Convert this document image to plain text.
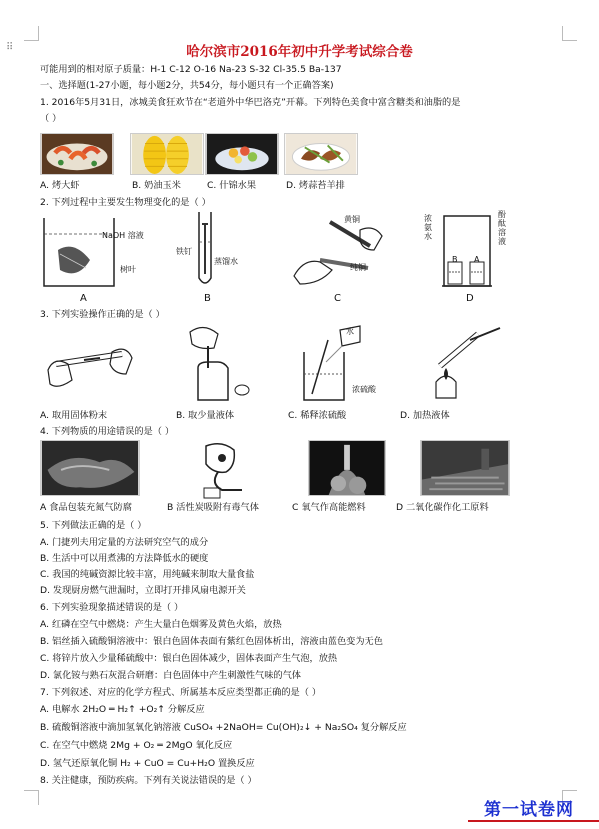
⠿	哈尔滨市2016年初中升学考试综合卷
可能用到的相对原子质量：H-1 C-12 O-16 Na-23 S-32 Cl-35.5 Ba-137
一、选择题(1-27小题，每小题2分，共54分，每小题只有一个正确答案)
1. 2016年5月31日，冰城美食狂欢节在“老道外中华巴洛克”开幕。下列特色美食中富含糖类和油脂的是
（ ）
A. 烤大虾	B. 奶油玉米	C. 什锦水果	D. 烤蒜苔羊排
2. 下列过程中主要发生物理变化的是（ ）
NaOH 溶液
树叶
A
铁钉
蒸馏水
B
黄铜
纯铜
C
浓氨水
酚酞溶液
B A
D
3. 下列实验操作正确的是（ ）
水
浓硫酸
A. 取用固体粉末	B. 取少量液体	C. 稀释浓硫酸	D. 加热液体
4. 下列物质的用途错误的是（ ）
A 食品包装充氮气防腐	B 活性炭吸附有毒气体	C 氧气作高能燃料	D 二氧化碳作化工原料
5. 下列做法正确的是（ ）
A. 门捷列夫用定量的方法研究空气的成分
B. 生活中可以用煮沸的方法降低水的硬度
C. 我国的纯碱资源比较丰富，用纯碱来制取大量食盐
D. 发现厨房燃气泄漏时，立即打开排风扇电源开关
6. 下列实验现象描述错误的是（ ）
A. 红磷在空气中燃烧：产生大量白色烟雾及黄色火焰，放热
B. 铝丝插入硫酸铜溶液中：银白色固体表面有紫红色固体析出，溶液由蓝色变为无色
C. 将锌片放入少量稀硫酸中：银白色固体减少，固体表面产生气泡，放热
D. 氯化铵与熟石灰混合研磨：白色固体中产生刺激性气味的气体
7. 下列叙述、对应的化学方程式、所属基本反应类型都正确的是（ ）
A. 电解水 2H₂O ═ H₂↑ +O₂↑ 分解反应
B. 硫酸铜溶液中滴加氢氧化钠溶液 CuSO₄ +2NaOH= Cu(OH)₂↓ + Na₂SO₄ 复分解反应
C. 在空气中燃烧 2Mg + O₂ ═ 2MgO 氧化反应
D. 氢气还原氧化铜 H₂ + CuO = Cu+H₂O 置换反应
8. 关注健康，预防疾病。下列有关说法错误的是（ ）
第一试卷网
